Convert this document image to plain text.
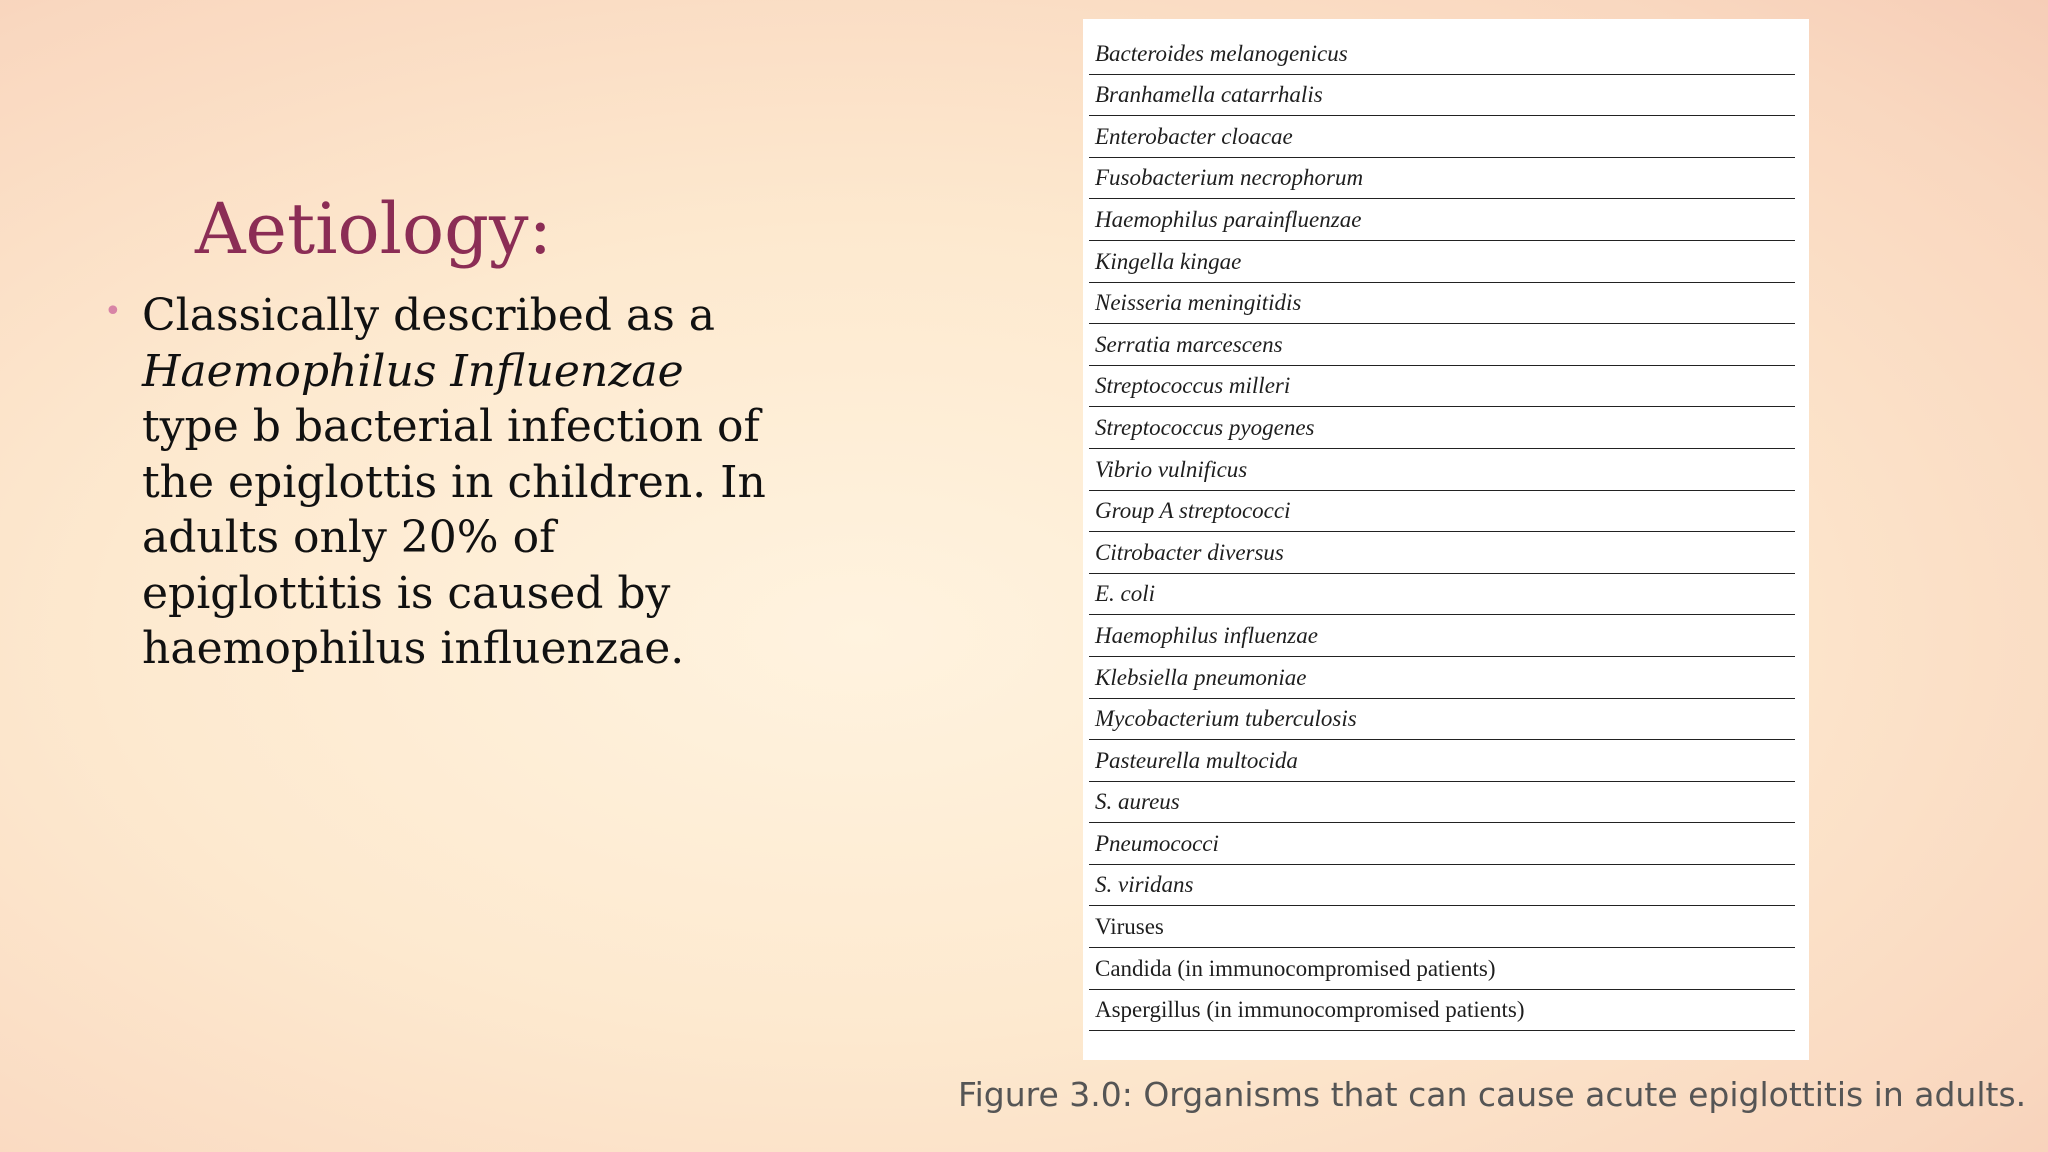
Aetiology:
• Classically described as a
Haemophilus Influenzae
type b bacterial infection of
the epiglottis in children. In
adults only 20% of
epiglottitis is caused by
haemophilus influenzae.
Bacteroides melanogenicus
Branhamella catarrhalis
Enterobacter cloacae
Fusobacterium necrophorum
Haemophilus parainfluenzae
Kingella kingae
Neisseria meningitidis
Serratia marcescens
Streptococcus milleri
Streptococcus pyogenes
Vibrio vulnificus
Group A streptococci
Citrobacter diversus
E. coli
Haemophilus influenzae
Klebsiella pneumoniae
Mycobacterium tuberculosis
Pasteurella multocida
S. aureus
Pneumococci
S. viridans
Viruses
Candida (in immunocompromised patients)
Aspergillus (in immunocompromised patients)

Figure 3.0: Organisms that can cause acute epiglottitis in adults.
